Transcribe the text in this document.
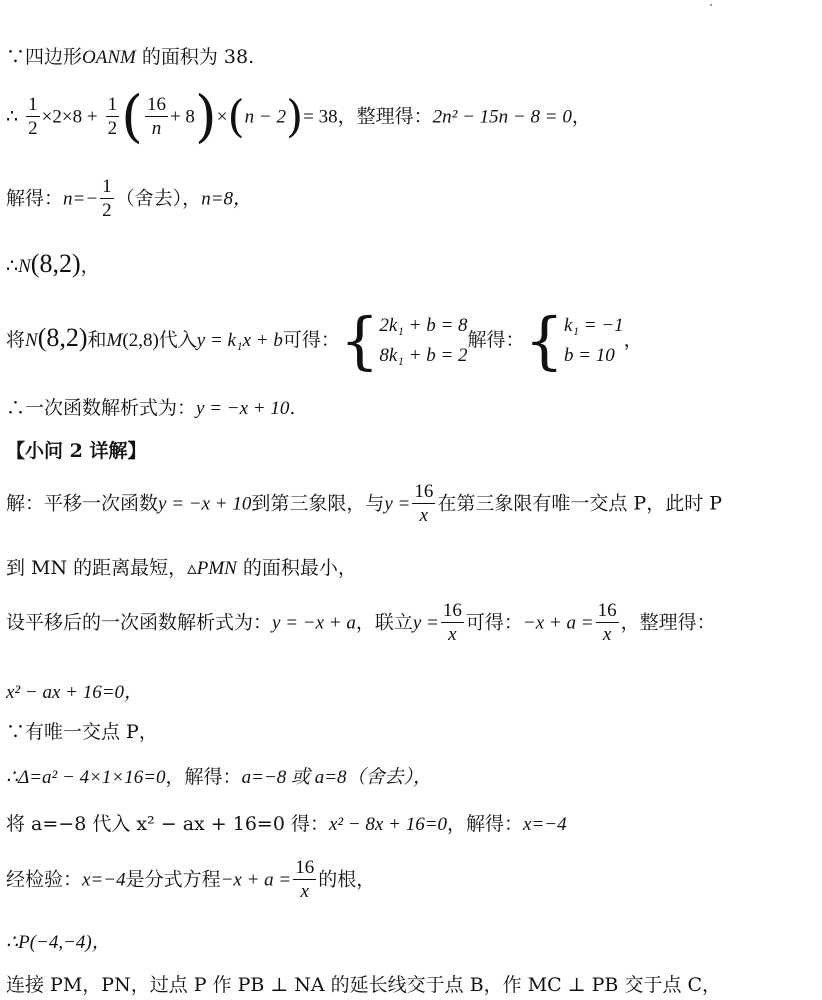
∵四边形OANM 的面积为 38.
∴ $\frac{1}{2} \times 2\times 8 + \frac{1}{2}$ ( $\frac{16}{n} + 8)\times(n - 2)= 38$，整理得：2n² − 15n − 8 = 0，
解得：$n=- \frac{1}{2}$ （舍去），n=8，
∴N(8,2)，
将N(8,2)和M(2,8)代入y = k₁x + b可得：{ 2k₁ + b = 8
8k₁ + b = 2
解得：{ k₁ = −1
b = 10
，
∴一次函数解析式为：y = −x + 10.
【小问 2 详解】
解：平移一次函数y = −x + 10到第三象限，与$y = \frac{16}{x}$ 在第三象限有唯一交点 P，此时 P
到 MN 的距离最短，▵PMN 的面积最小，
设平移后的一次函数解析式为：y = −x + a，联立$y = \frac{16}{x}$ 可得：$-x + a = \frac{16}{x}$ ，整理得：
x² − ax + 16=0，
∵有唯一交点 P，
∴Δ=a² − 4×1×16=0，解得：a=−8 或 a=8（舍去），
将 a=−8 代入 x² − ax + 16=0 得：x² − 8x + 16=0，解得：x=−4
经检验：x=−4是分式方程$-x + a = \frac{16}{x}$ 的根，
∴P(−4,−4)，
连接 PM，PN，过点 P 作 PB ⊥ NA 的延长线交于点 B，作 MC ⊥ PB 交于点 C，
